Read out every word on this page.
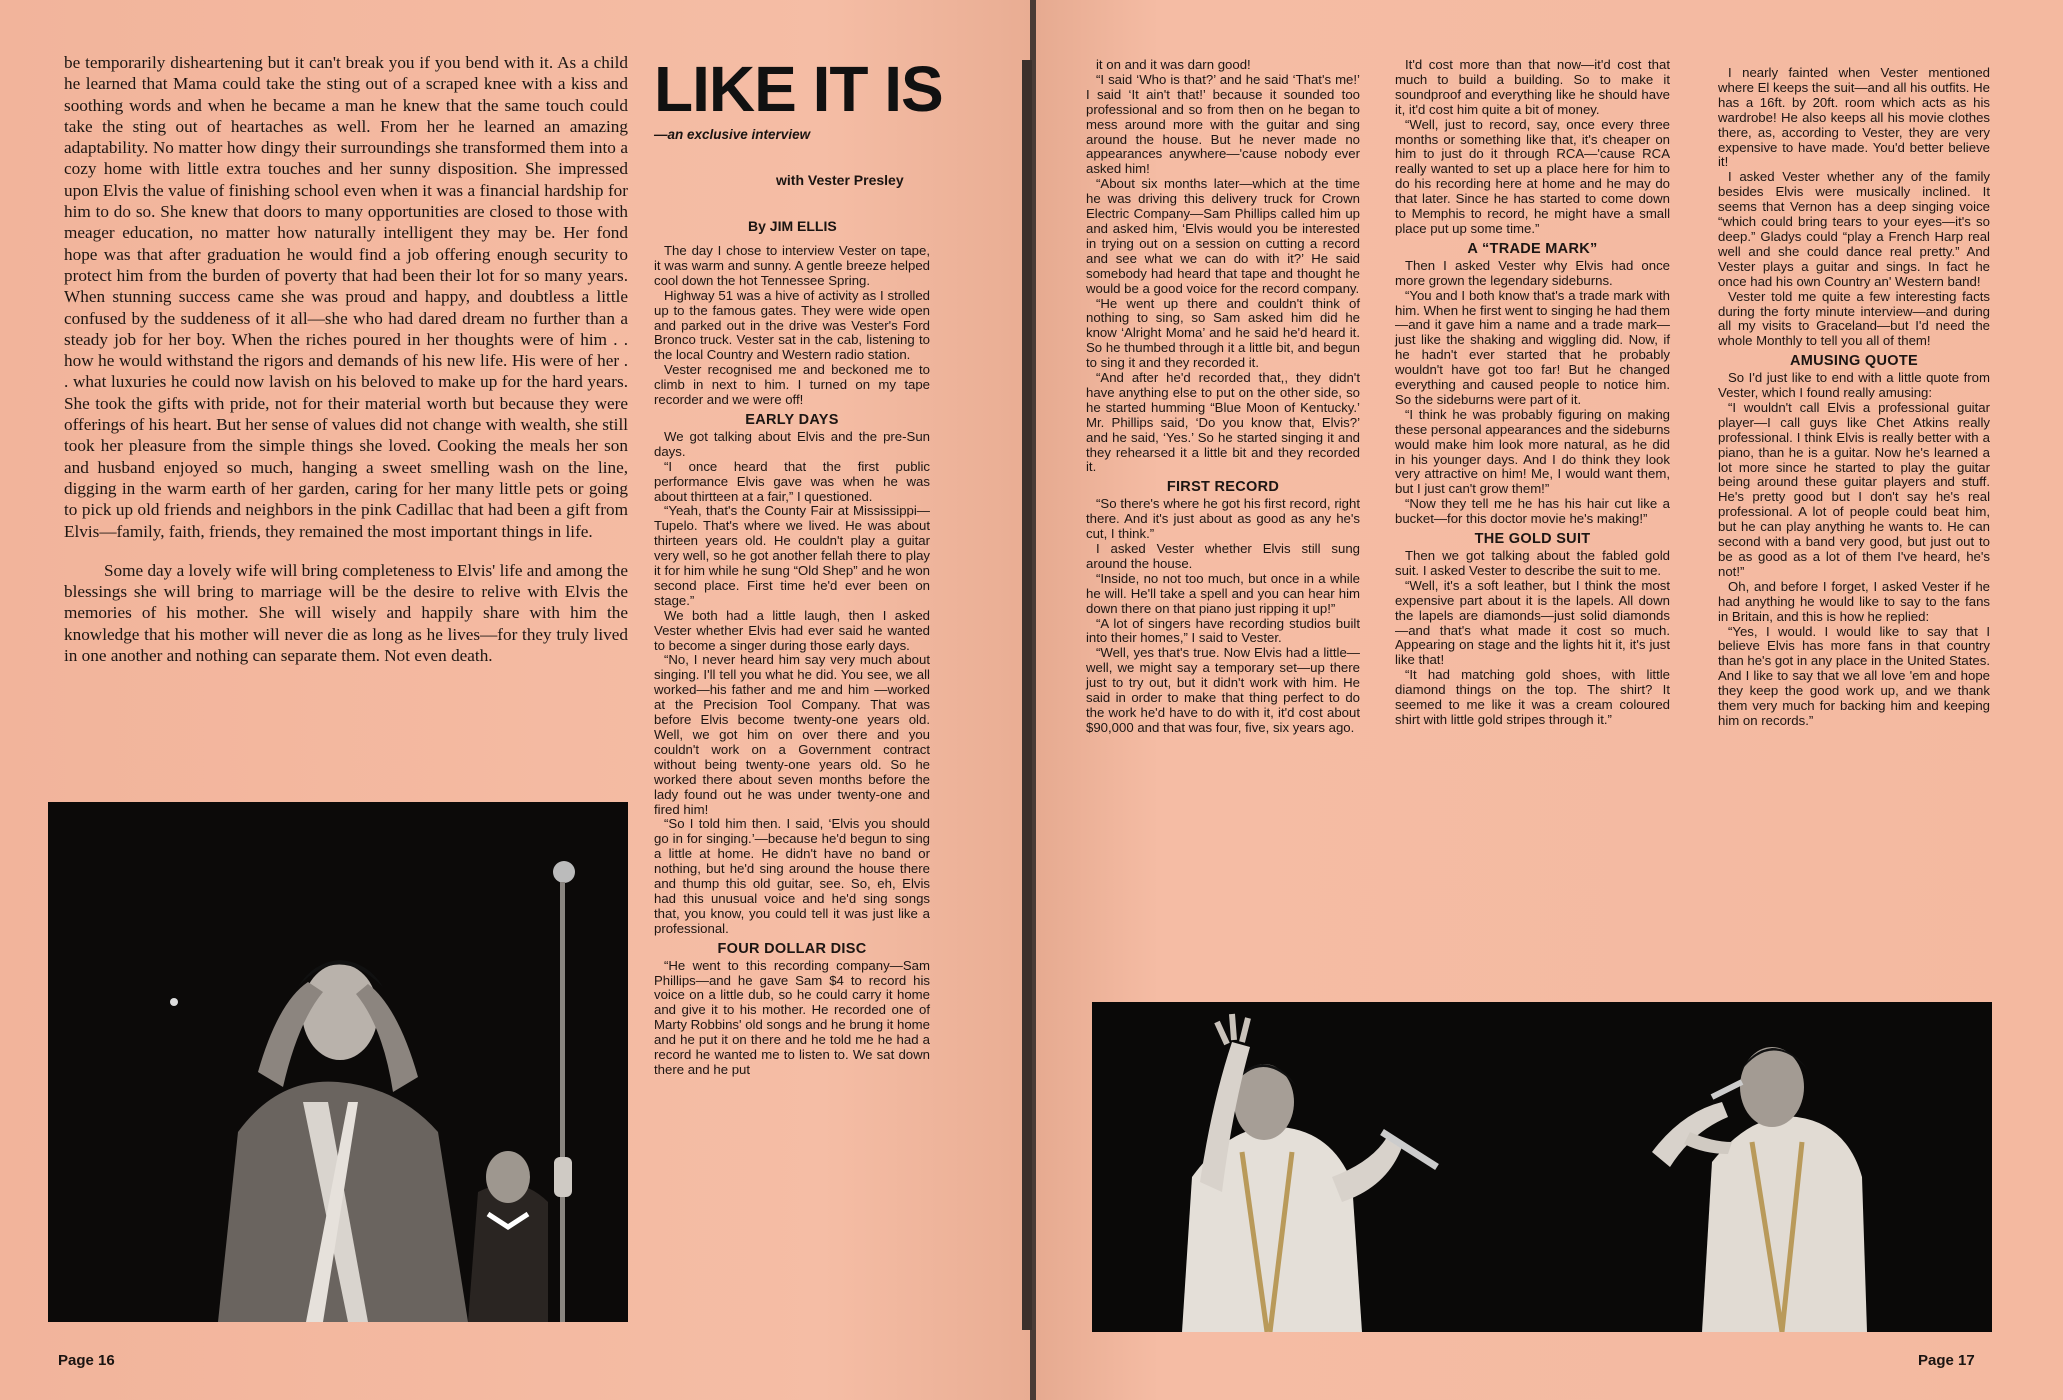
be temporarily disheartening but it can't break you if you bend with it. As a child he learned that Mama could take the sting out of a scraped knee with a kiss and soothing words and when he became a man he knew that the same touch could take the sting out of heartaches as well. From her he learned an amazing adaptability. No matter how dingy their surroundings she transformed them into a cozy home with little extra touches and her sunny disposition. She impressed upon Elvis the value of finishing school even when it was a financial hardship for him to do so. She knew that doors to many opportunities are closed to those with meager education, no matter how naturally intelligent they may be. Her fond hope was that after graduation he would find a job offering enough security to protect him from the burden of poverty that had been their lot for so many years. When stunning success came she was proud and happy, and doubtless a little confused by the suddeness of it all—she who had dared dream no further than a steady job for her boy. When the riches poured in her thoughts were of him . . how he would withstand the rigors and demands of his new life. His were of her . . what luxuries he could now lavish on his beloved to make up for the hard years. She took the gifts with pride, not for their material worth but because they were offerings of his heart. But her sense of values did not change with wealth, she still took her pleasure from the simple things she loved. Cooking the meals her son and husband enjoyed so much, hanging a sweet smelling wash on the line, digging in the warm earth of her garden, caring for her many little pets or going to pick up old friends and neighbors in the pink Cadillac that had been a gift from Elvis—family, faith, friends, they remained the most important things in life.

Some day a lovely wife will bring completeness to Elvis' life and among the blessings she will bring to marriage will be the desire to relive with Elvis the memories of his mother. She will wisely and happily share with him the knowledge that his mother will never die as long as he lives—for they truly lived in one another and nothing can separate them. Not even death.

LIKE IT IS
—an exclusive interview
with Vester Presley
By JIM ELLIS

The day I chose to interview Vester on tape, it was warm and sunny. A gentle breeze helped cool down the hot Tennessee Spring.

Highway 51 was a hive of activity as I strolled up to the famous gates. They were wide open and parked out in the drive was Vester's Ford Bronco truck. Vester sat in the cab, listening to the local Country and Western radio station.

Vester recognised me and beckoned me to climb in next to him. I turned on my tape recorder and we were off!

EARLY DAYS

We got talking about Elvis and the pre-Sun days.

“I once heard that the first public performance Elvis gave was when he was about thirtteen at a fair,” I questioned.

“Yeah, that's the County Fair at Mississippi—Tupelo. That's where we lived. He was about thirteen years old. He couldn't play a guitar very well, so he got another fellah there to play it for him while he sung “Old Shep” and he won second place. First time he'd ever been on stage.”

We both had a little laugh, then I asked Vester whether Elvis had ever said he wanted to become a singer during those early days.

“No, I never heard him say very much about singing. I'll tell you what he did. You see, we all worked—his father and me and him —worked at the Precision Tool Company. That was before Elvis become twenty-one years old. Well, we got him on over there and you couldn't work on a Government contract without being twenty-one years old. So he worked there about seven months before the lady found out he was under twenty-one and fired him!

“So I told him then. I said, ‘Elvis you should go in for singing.’—because he'd begun to sing a little at home. He didn't have no band or nothing, but he'd sing around the house there and thump this old guitar, see. So, eh, Elvis had this unusual voice and he'd sing songs that, you know, you could tell it was just like a professional.

FOUR DOLLAR DISC

“He went to this recording company—Sam Phillips—and he gave Sam $4 to record his voice on a little dub, so he could carry it home and give it to his mother. He recorded one of Marty Robbins' old songs and he brung it home and he put it on there and he told me he had a record he wanted me to listen to. We sat down there and he put

Page 16

it on and it was darn good!

“I said ‘Who is that?’ and he said ‘That's me!’ I said ‘It ain't that!’ because it sounded too professional and so from then on he began to mess around more with the guitar and sing around the house. But he never made no appearances anywhere—'cause nobody ever asked him!

“About six months later—which at the time he was driving this delivery truck for Crown Electric Company—Sam Phillips called him up and asked him, ‘Elvis would you be interested in trying out on a session on cutting a record and see what we can do with it?’ He said somebody had heard that tape and thought he would be a good voice for the record company.

“He went up there and couldn't think of nothing to sing, so Sam asked him did he know ‘Alright Moma’ and he said he'd heard it. So he thumbed through it a little bit, and begun to sing it and they recorded it.

“And after he'd recorded that,, they didn't have anything else to put on the other side, so he started humming “Blue Moon of Kentucky.’ Mr. Phillips said, ‘Do you know that, Elvis?’ and he said, ‘Yes.’ So he started singing it and they rehearsed it a little bit and they recorded it.

FIRST RECORD

“So there's where he got his first record, right there. And it's just about as good as any he's cut, I think.”

I asked Vester whether Elvis still sung around the house.

“Inside, no not too much, but once in a while he will. He'll take a spell and you can hear him down there on that piano just ripping it up!”

“A lot of singers have recording studios built into their homes,” I said to Vester.

“Well, yes that's true. Now Elvis had a little—well, we might say a temporary set—up there just to try out, but it didn't work with him. He said in order to make that thing perfect to do the work he'd have to do with it, it'd cost about $90,000 and that was four, five, six years ago.

It'd cost more than that now—it'd cost that much to build a building. So to make it soundproof and everything like he should have it, it'd cost him quite a bit of money.

“Well, just to record, say, once every three months or something like that, it's cheaper on him to just do it through RCA—'cause RCA really wanted to set up a place here for him to do his recording here at home and he may do that later. Since he has started to come down to Memphis to record, he might have a small place put up some time.”

A “TRADE MARK”

Then I asked Vester why Elvis had once more grown the legendary sideburns.

“You and I both know that's a trade mark with him. When he first went to singing he had them—and it gave him a name and a trade mark—just like the shaking and wiggling did. Now, if he hadn't ever started that he probably wouldn't have got too far! But he changed everything and caused people to notice him. So the sideburns were part of it.

“I think he was probably figuring on making these personal appearances and the sideburns would make him look more natural, as he did in his younger days. And I do think they look very attractive on him! Me, I would want them, but I just can't grow them!”

“Now they tell me he has his hair cut like a bucket—for this doctor movie he's making!”

THE GOLD SUIT

Then we got talking about the fabled gold suit. I asked Vester to describe the suit to me.

“Well, it's a soft leather, but I think the most expensive part about it is the lapels. All down the lapels are diamonds—just solid diamonds—and that's what made it cost so much. Appearing on stage and the lights hit it, it's just like that!

“It had matching gold shoes, with little diamond things on the top. The shirt? It seemed to me like it was a cream coloured shirt with little gold stripes through it.”

I nearly fainted when Vester mentioned where El keeps the suit—and all his outfits. He has a 16ft. by 20ft. room which acts as his wardrobe! He also keeps all his movie clothes there, as, according to Vester, they are very expensive to have made. You'd better believe it!

I asked Vester whether any of the family besides Elvis were musically inclined. It seems that Vernon has a deep singing voice “which could bring tears to your eyes—it's so deep.” Gladys could “play a French Harp real well and she could dance real pretty.” And Vester plays a guitar and sings. In fact he once had his own Country an' Western band!

Vester told me quite a few interesting facts during the forty minute interview—and during all my visits to Graceland—but I'd need the whole Monthly to tell you all of them!

AMUSING QUOTE

So I'd just like to end with a little quote from Vester, which I found really amusing:

“I wouldn't call Elvis a professional guitar player—I call guys like Chet Atkins really professional. I think Elvis is really better with a piano, than he is a guitar. Now he's learned a lot more since he started to play the guitar being around these guitar players and stuff. He's pretty good but I don't say he's real professional. A lot of people could beat him, but he can play anything he wants to. He can second with a band very good, but just out to be as good as a lot of them I've heard, he's not!”

Oh, and before I forget, I asked Vester if he had anything he would like to say to the fans in Britain, and this is how he replied:

“Yes, I would. I would like to say that I believe Elvis has more fans in that country than he's got in any place in the United States. And I like to say that we all love 'em and hope they keep the good work up, and we thank them very much for backing him and keeping him on records.”

Page 17
